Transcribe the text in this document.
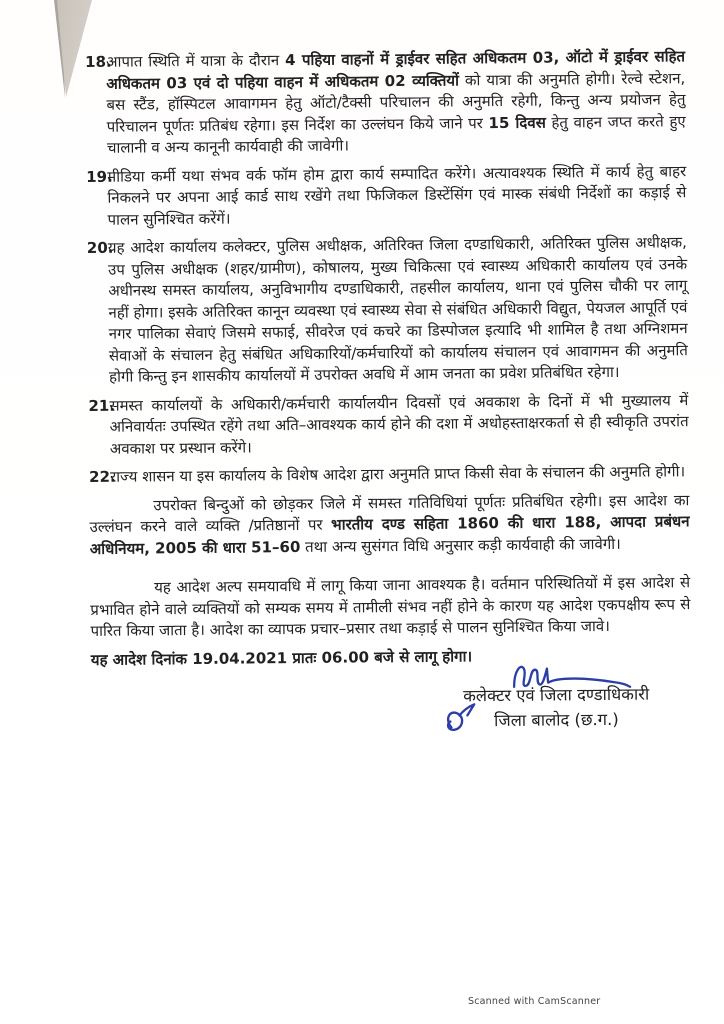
18.
आपात स्थिति में यात्रा के दौरान 4 पहिया वाहनों में ड्राईवर सहित अधिकतम 03, ऑटो में ड्राईवर सहित अधिकतम 03 एवं दो पहिया वाहन में अधिकतम 02 व्यक्तियों को यात्रा की अनुमति होगी। रेल्वे स्टेशन, बस स्टैंड, हॉस्पिटल आवागमन हेतु ऑटो/टैक्सी परिचालन की अनुमति रहेगी, किन्तु अन्य प्रयोजन हेतु परिचालन पूर्णतः प्रतिबंध रहेगा। इस निर्देश का उल्लंघन किये जाने पर 15 दिवस हेतु वाहन जप्त करते हुए चालानी व अन्य कानूनी कार्यवाही की जावेगी।
19.
मीडिया कर्मी यथा संभव वर्क फॉम होम द्वारा कार्य सम्पादित करेंगे। अत्यावश्यक स्थिति में कार्य हेतु बाहर निकलने पर अपना आई कार्ड साथ रखेंगे तथा फिजिकल डिस्टेंसिंग एवं मास्क संबंधी निर्देशों का कड़ाई से पालन सुनिश्चित करेंगें।
20.
यह आदेश कार्यालय कलेक्टर, पुलिस अधीक्षक, अतिरिक्त जिला दण्डाधिकारी, अतिरिक्त पुलिस अधीक्षक, उप पुलिस अधीक्षक (शहर/ग्रामीण), कोषालय, मुख्य चिकित्सा एवं स्वास्थ्य अधिकारी कार्यालय एवं उनके अधीनस्थ समस्त कार्यालय, अनुविभागीय दण्डाधिकारी, तहसील कार्यालय, थाना एवं पुलिस चौकी पर लागू नहीं होगा। इसके अतिरिक्त कानून व्यवस्था एवं स्वास्थ्य सेवा से संबंधित अधिकारी विद्युत, पेयजल आपूर्ति एवं नगर पालिका सेवाएं जिसमे सफाई, सीवरेज एवं कचरे का डिस्पोजल इत्यादि भी शामिल है तथा अग्निशमन सेवाओं के संचालन हेतु संबंधित अधिकारियों/कर्मचारियों को कार्यालय संचालन एवं आवागमन की अनुमति होगी किन्तु इन शासकीय कार्यालयों में उपरोक्त अवधि में आम जनता का प्रवेश प्रतिबंधित रहेगा।
21.
समस्त कार्यालयों के अधिकारी/कर्मचारी कार्यालयीन दिवसों एवं अवकाश के दिनों में भी मुख्यालय में अनिवार्यतः उपस्थित रहेंगे तथा अति–आवश्यक कार्य होने की दशा में अधोहस्ताक्षरकर्ता से ही स्वीकृति उपरांत अवकाश पर प्रस्थान करेंगे।
22.
राज्य शासन या इस कार्यालय के विशेष आदेश द्वारा अनुमति प्राप्त किसी सेवा के संचालन की अनुमति होगी।
उपरोक्त बिन्दुओं को छोड़कर जिले में समस्त गतिविधियां पूर्णतः प्रतिबंधित रहेगी। इस आदेश का उल्लंघन करने वाले व्यक्ति /प्रतिष्ठानों पर भारतीय दण्ड सहिता 1860 की धारा 188, आपदा प्रबंधन अधिनियम, 2005 की धारा 51–60 तथा अन्य सुसंगत विधि अनुसार कड़ी कार्यवाही की जावेगी।
यह आदेश अल्प समयावधि में लागू किया जाना आवश्यक है। वर्तमान परिस्थितियों में इस आदेश से प्रभावित होने वाले व्यक्तियों को सम्यक समय में तामीली संभव नहीं होने के कारण यह आदेश एकपक्षीय रूप से पारित किया जाता है। आदेश का व्यापक प्रचार–प्रसार तथा कड़ाई से पालन सुनिश्चित किया जावे।
यह आदेश दिनांक 19.04.2021 प्रातः 06.00 बजे से लागू होगा।
कलेक्टर एवं जिला दण्डाधिकारी
जिला बालोद (छ.ग.)
Scanned with CamScanner
